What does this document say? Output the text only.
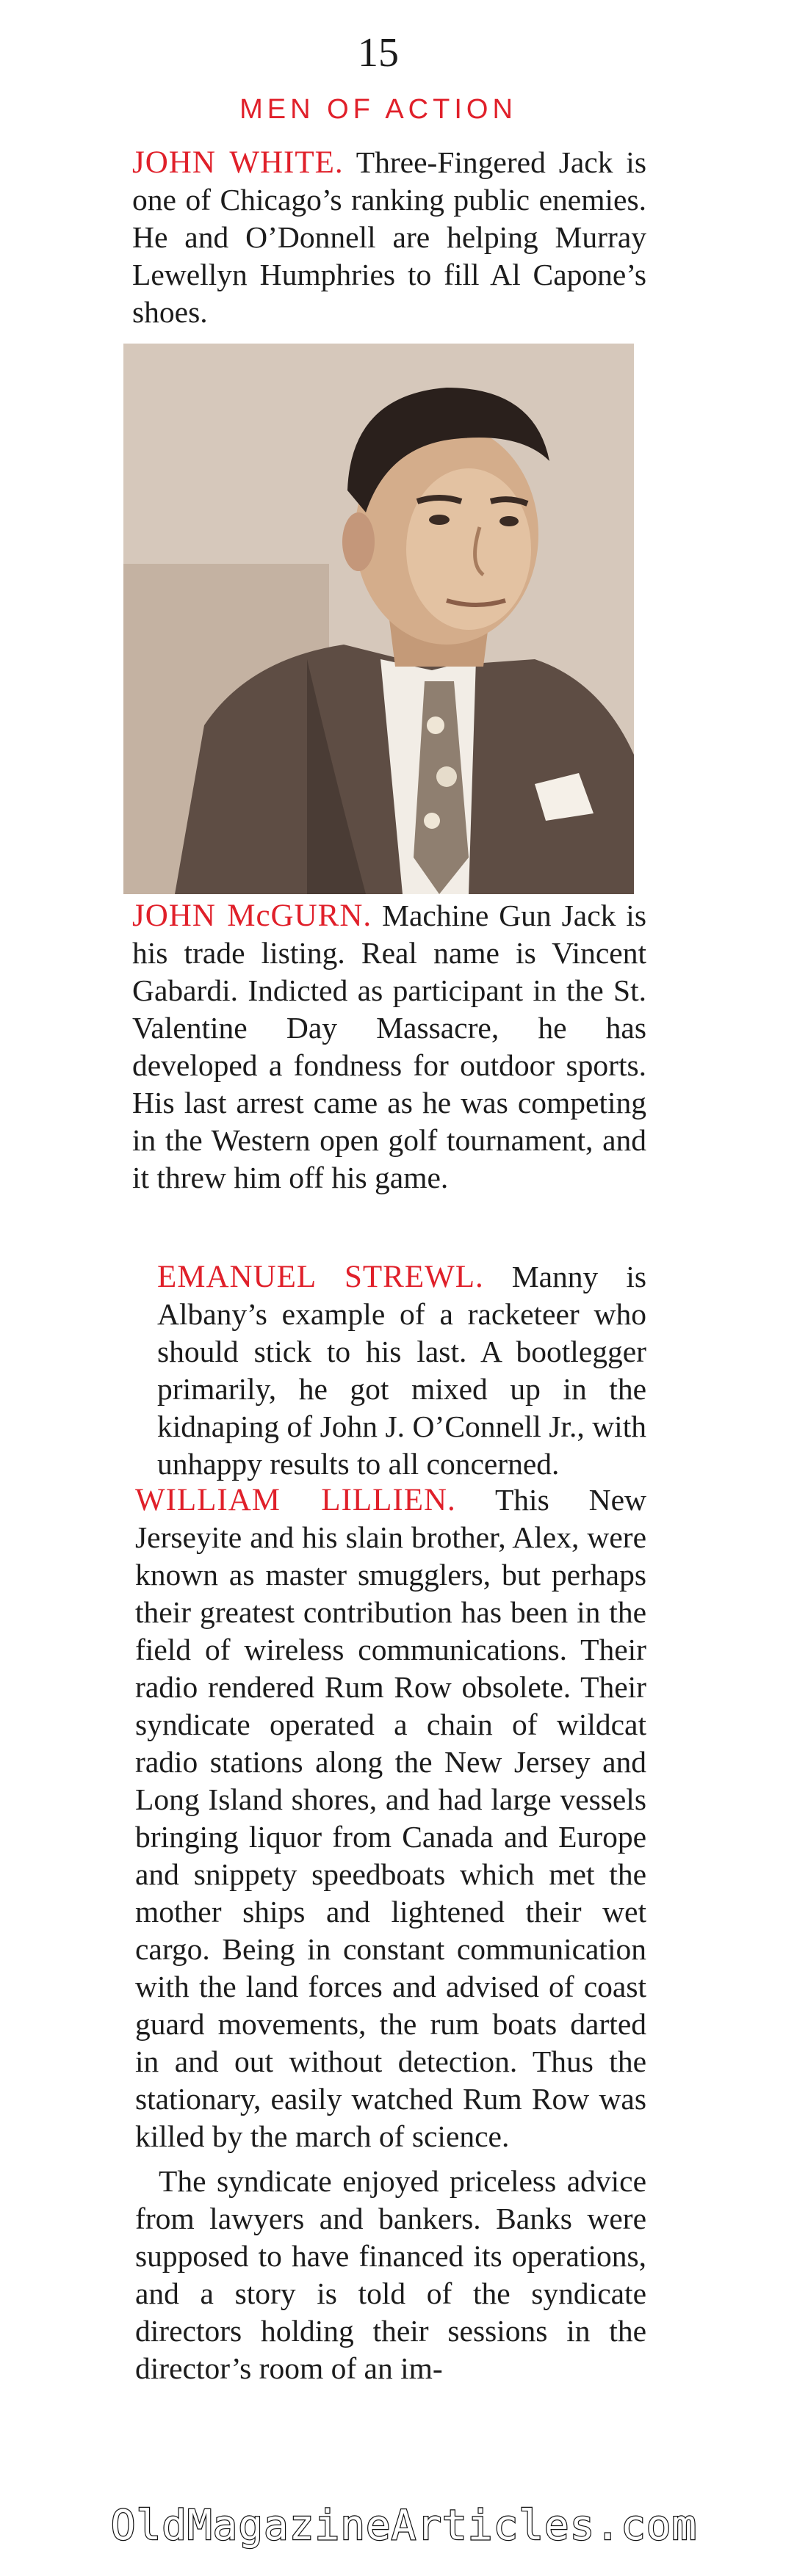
15
MEN OF ACTION
JOHN WHITE. Three-Fingered Jack is one of Chicago’s ranking public enemies. He and O’Donnell are helping Murray Lewellyn Humphries to fill Al Capone’s shoes.
JOHN McGURN. Machine Gun Jack is his trade listing. Real name is Vincent Gabardi. Indicted as participant in the St. Valentine Day Massacre, he has developed a fondness for outdoor sports. His last arrest came as he was competing in the Western open golf tournament, and it threw him off his game.
EMANUEL STREWL. Manny is Albany’s example of a racketeer who should stick to his last. A bootlegger primarily, he got mixed up in the kidnaping of John J. O’Connell Jr., with unhappy results to all concerned.
WILLIAM LILLIEN. This New Jerseyite and his slain brother, Alex, were known as master smugglers, but perhaps their greatest contribution has been in the field of wireless communications. Their radio rendered Rum Row obsolete. Their syndicate operated a chain of wildcat radio stations along the New Jersey and Long Island shores, and had large vessels bringing liquor from Canada and Europe and snippety speedboats which met the mother ships and lightened their wet cargo. Being in constant communication with the land forces and advised of coast guard movements, the rum boats darted in and out without detection. Thus the stationary, easily watched Rum Row was killed by the march of science.
The syndicate enjoyed priceless advice from lawyers and bankers. Banks were supposed to have financed its operations, and a story is told of the syndicate directors holding their sessions in the director’s room of an im-
OldMagazineArticles.com
